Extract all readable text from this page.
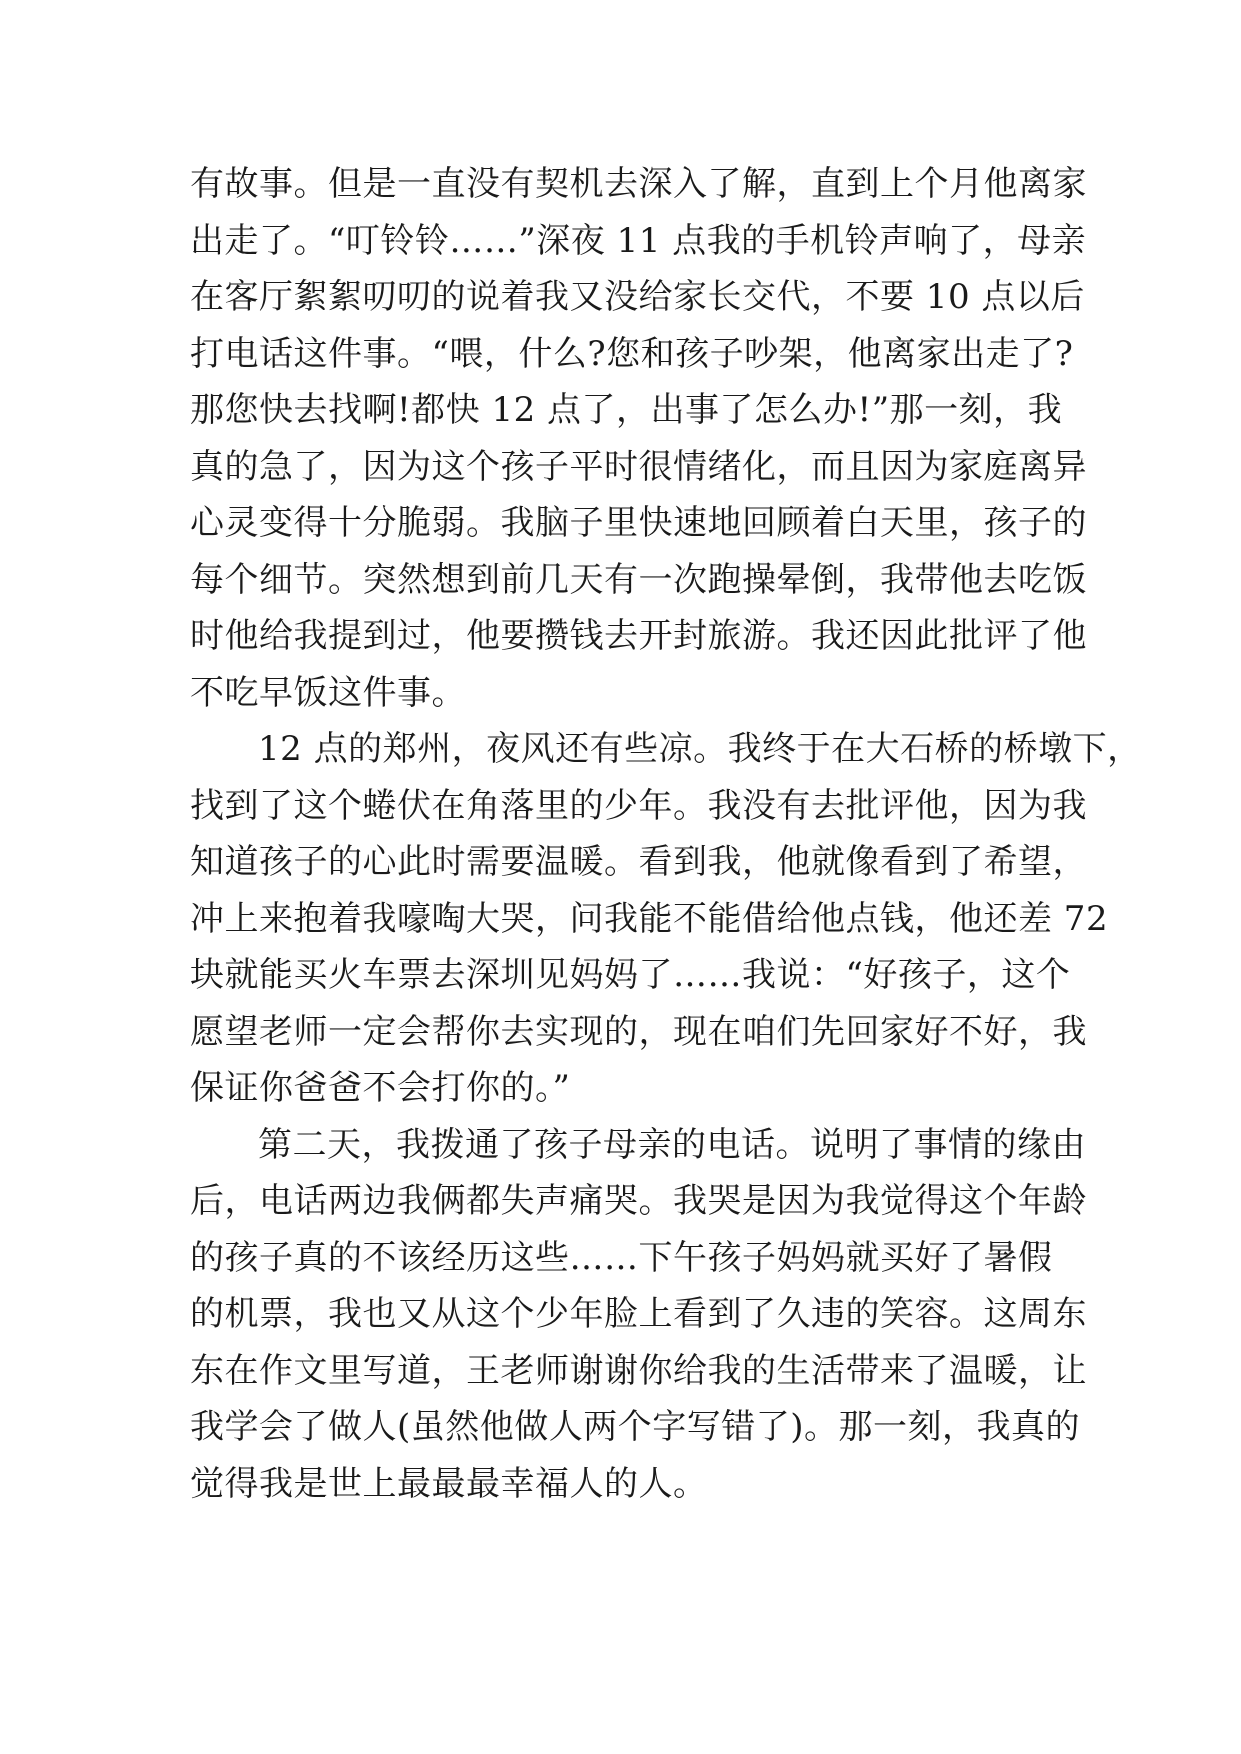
有故事。但是一直没有契机去深入了解，直到上个月他离家
出走了。“叮铃铃……”深夜 11 点我的手机铃声响了，母亲
在客厅絮絮叨叨的说着我又没给家长交代，不要 10 点以后
打电话这件事。“喂，什么?您和孩子吵架，他离家出走了?
那您快去找啊!都快 12 点了，出事了怎么办!”那一刻，我
真的急了，因为这个孩子平时很情绪化，而且因为家庭离异
心灵变得十分脆弱。我脑子里快速地回顾着白天里，孩子的
每个细节。突然想到前几天有一次跑操晕倒，我带他去吃饭
时他给我提到过，他要攒钱去开封旅游。我还因此批评了他
不吃早饭这件事。
12 点的郑州，夜风还有些凉。我终于在大石桥的桥墩下，
找到了这个蜷伏在角落里的少年。我没有去批评他，因为我
知道孩子的心此时需要温暖。看到我，他就像看到了希望，
冲上来抱着我嚎啕大哭，问我能不能借给他点钱，他还差 72
块就能买火车票去深圳见妈妈了……我说：“好孩子，这个
愿望老师一定会帮你去实现的，现在咱们先回家好不好，我
保证你爸爸不会打你的。”
第二天，我拨通了孩子母亲的电话。说明了事情的缘由
后，电话两边我俩都失声痛哭。我哭是因为我觉得这个年龄
的孩子真的不该经历这些……下午孩子妈妈就买好了暑假
的机票，我也又从这个少年脸上看到了久违的笑容。这周东
东在作文里写道，王老师谢谢你给我的生活带来了温暖，让
我学会了做人(虽然他做人两个字写错了)。那一刻，我真的
觉得我是世上最最最幸福人的人。
